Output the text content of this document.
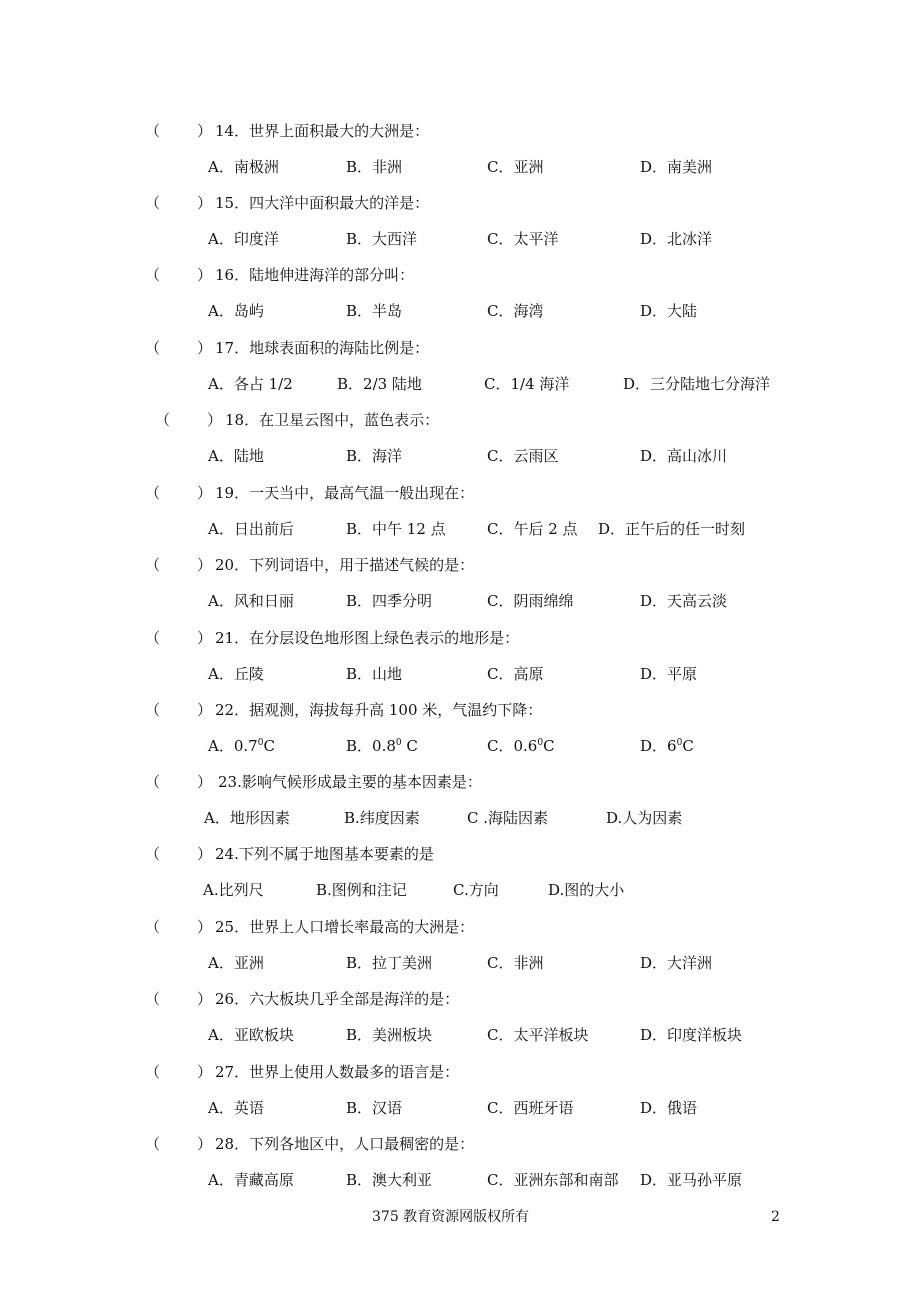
（ ） 14．世界上面积最大的大洲是：
A．南极洲	B．非洲	C．亚洲	D．南美洲
（ ） 15．四大洋中面积最大的洋是：
A．印度洋	B．大西洋	C．太平洋	D．北冰洋
（ ） 16．陆地伸进海洋的部分叫：
A．岛屿	B．半岛	C．海湾	D．大陆
（ ） 17．地球表面积的海陆比例是：
A．各占 1/2	B．2/3 陆地	C．1/4 海洋	D．三分陆地七分海洋
（ ） 18．在卫星云图中，蓝色表示：
A．陆地	B．海洋	C．云雨区	D．高山冰川
（ ） 19．一天当中，最高气温一般出现在：
A．日出前后	B．中午 12 点	C．午后 2 点 D．正午后的任一时刻
（ ） 20．下列词语中，用于描述气候的是：
A．风和日丽	B．四季分明	C．阴雨绵绵	D．天高云淡
（ ） 21．在分层设色地形图上绿色表示的地形是：
A．丘陵	B．山地	C．高原	D．平原
（ ） 22．据观测，海拔每升高 100 米，气温约下降：
A．$0.7^0C$	B．$0.8^0$ C	C．$0.6^0C$	D．$6^0C$
（ ） 23.影响气候形成最主要的基本因素是：
A．地形因素	B.纬度因素	C .海陆因素	D.人为因素
（ ） 24.下列不属于地图基本要素的是
A.比列尺	B.图例和注记	C.方向	D.图的大小
（ ） 25．世界上人口增长率最高的大洲是：
A．亚洲	B．拉丁美洲	C．非洲	D．大洋洲
（ ） 26．六大板块几乎全部是海洋的是：
A．亚欧板块	B．美洲板块	C．太平洋板块	D．印度洋板块
（ ） 27．世界上使用人数最多的语言是：
A．英语	B．汉语	C．西班牙语	D．俄语
（ ） 28．下列各地区中，人口最稠密的是：
A．青藏高原	B．澳大利亚	C．亚洲东部和南部 D．亚马孙平原
375 教育资源网版权所有	2
